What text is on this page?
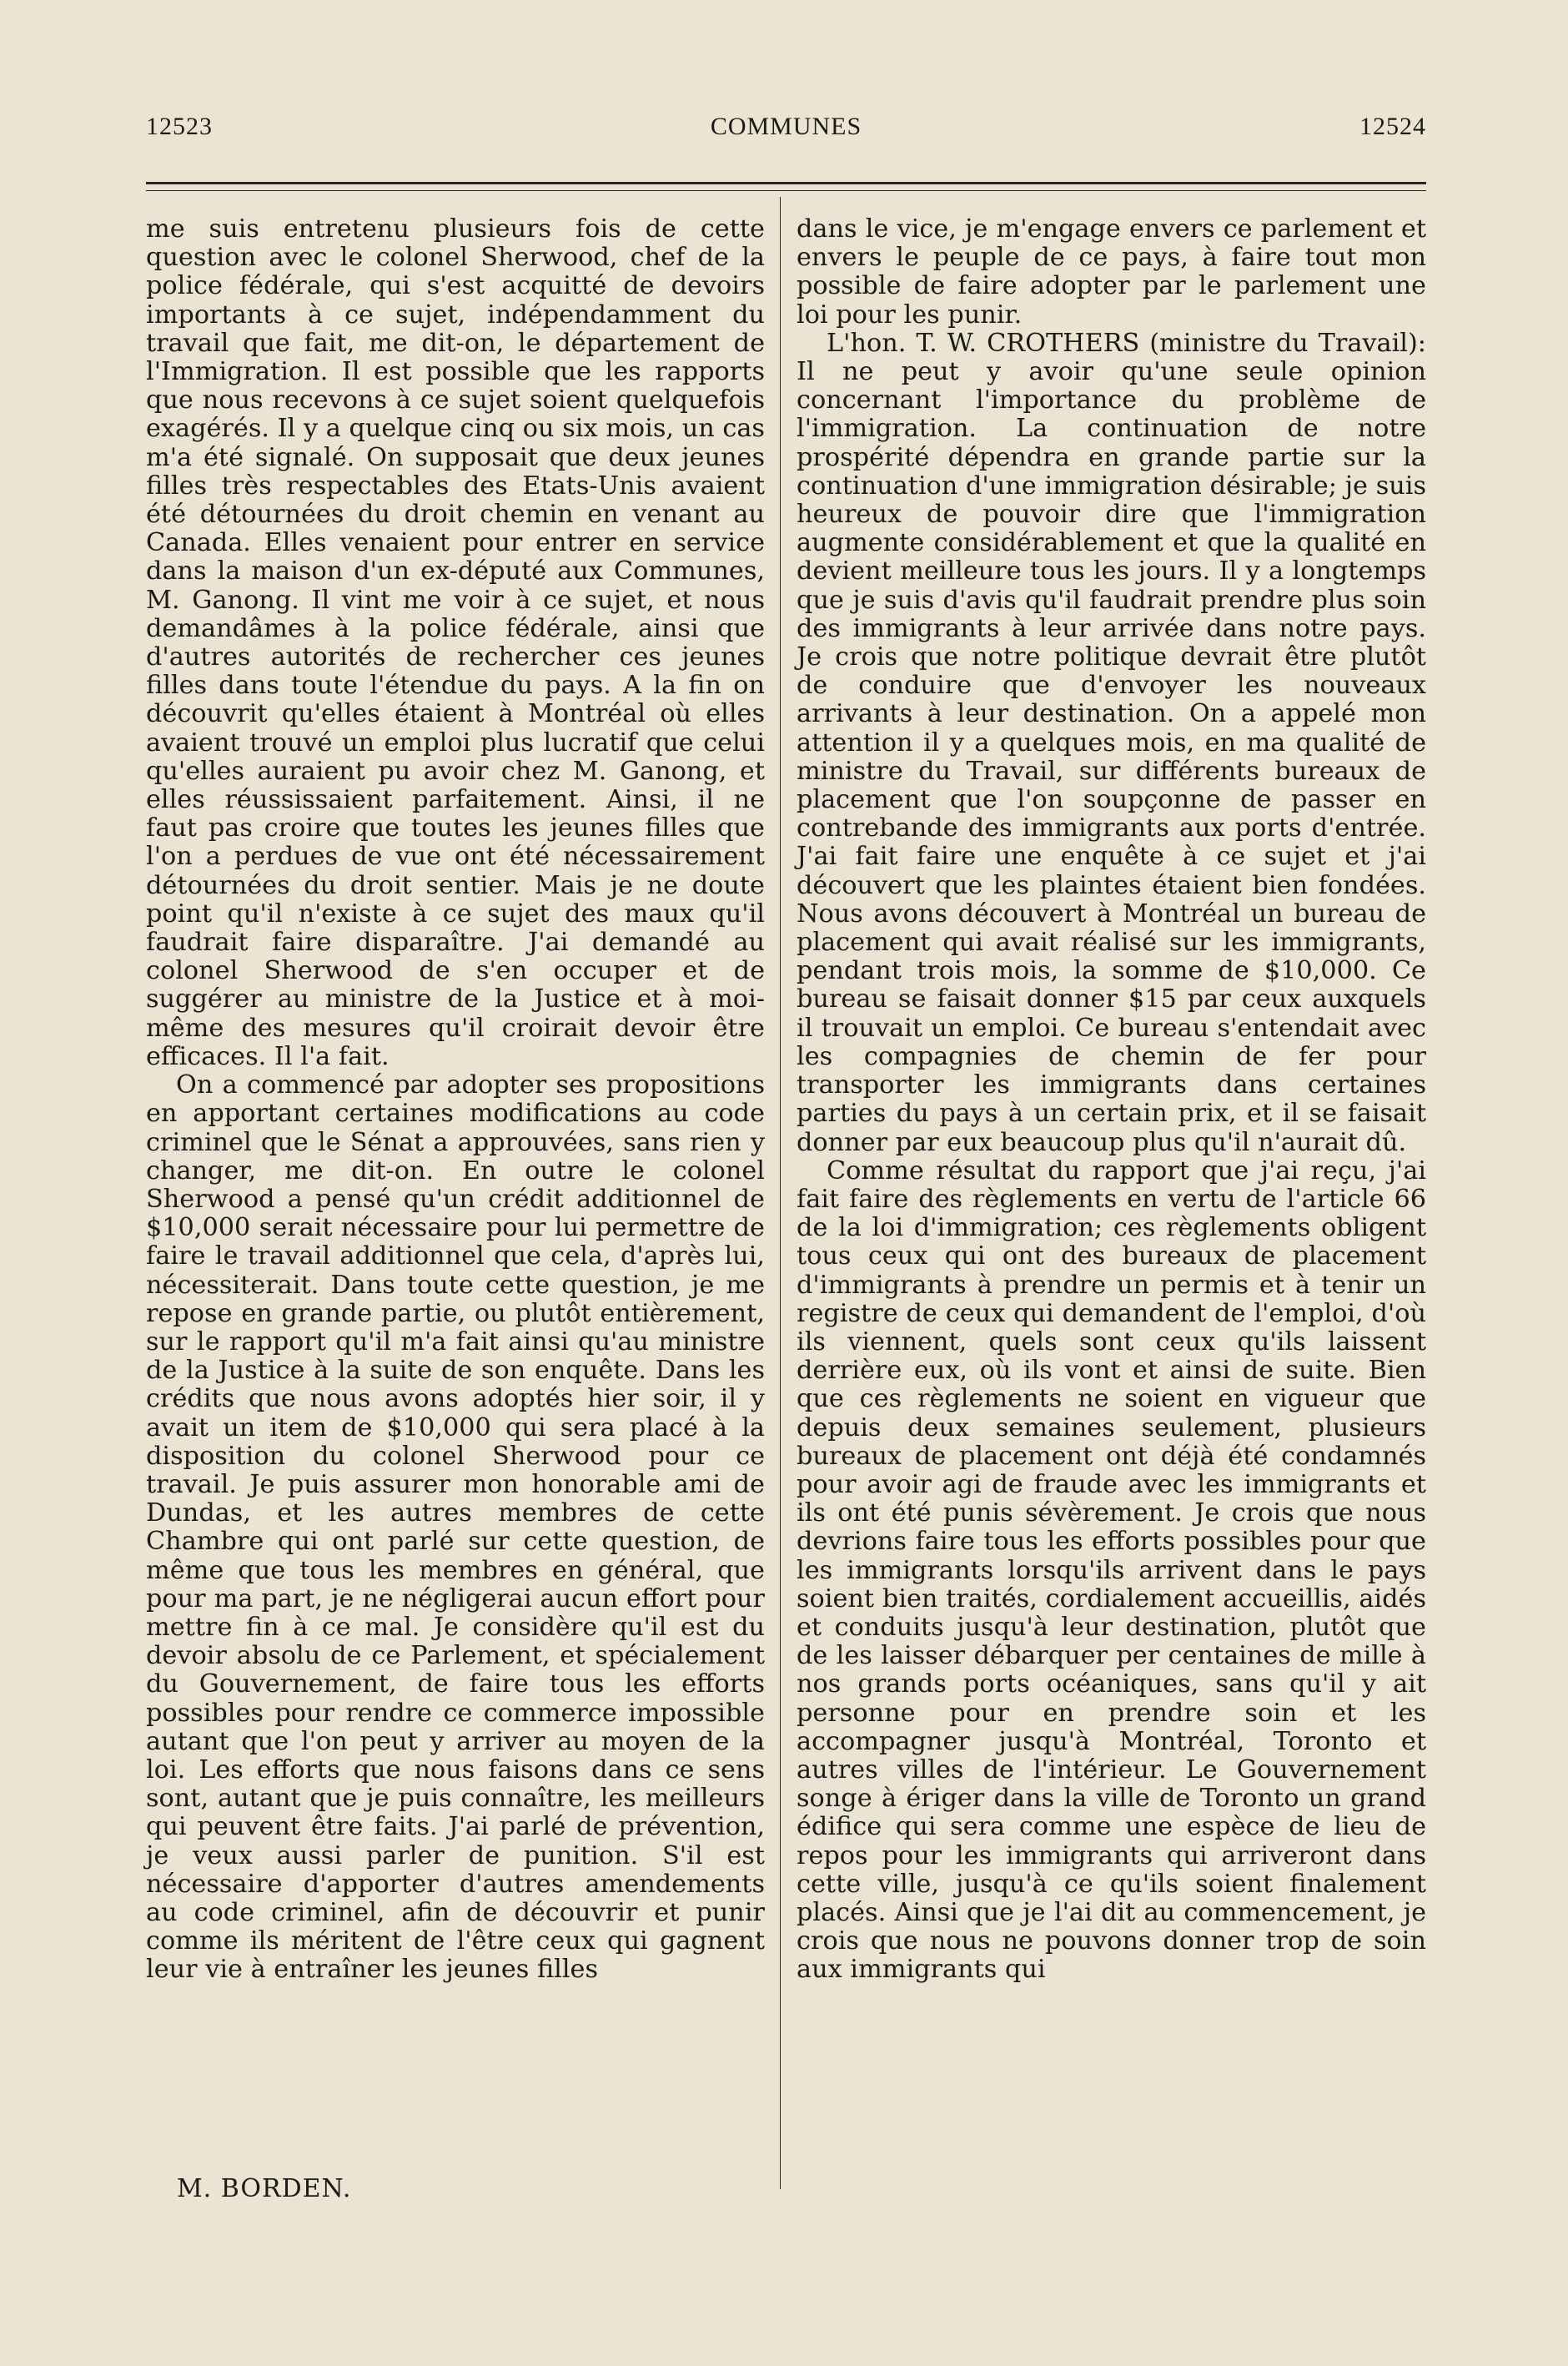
12523	COMMUNES	12524

me suis entretenu plusieurs fois de cette question avec le colonel Sherwood, chef de la police fédérale, qui s'est acquitté de devoirs importants à ce sujet, indépendamment du travail que fait, me dit-on, le département de l'Immigration. Il est possible que les rapports que nous recevons à ce sujet soient quelquefois exagérés. Il y a quelque cinq ou six mois, un cas m'a été signalé. On supposait que deux jeunes filles très respectables des Etats-Unis avaient été détournées du droit chemin en venant au Canada. Elles venaient pour entrer en service dans la maison d'un ex-député aux Communes, M. Ganong. Il vint me voir à ce sujet, et nous demandâmes à la police fédérale, ainsi que d'autres autorités de rechercher ces jeunes filles dans toute l'étendue du pays. A la fin on découvrit qu'elles étaient à Montréal où elles avaient trouvé un emploi plus lucratif que celui qu'elles auraient pu avoir chez M. Ganong, et elles réussissaient parfaitement. Ainsi, il ne faut pas croire que toutes les jeunes filles que l'on a perdues de vue ont été nécessairement détournées du droit sentier. Mais je ne doute point qu'il n'existe à ce sujet des maux qu'il faudrait faire disparaître. J'ai demandé au colonel Sherwood de s'en occuper et de suggérer au ministre de la Justice et à moi-même des mesures qu'il croirait devoir être efficaces. Il l'a fait.

On a commencé par adopter ses propositions en apportant certaines modifications au code criminel que le Sénat a approuvées, sans rien y changer, me dit-on. En outre le colonel Sherwood a pensé qu'un crédit additionnel de $10,000 serait nécessaire pour lui permettre de faire le travail additionnel que cela, d'après lui, nécessiterait. Dans toute cette question, je me repose en grande partie, ou plutôt entièrement, sur le rapport qu'il m'a fait ainsi qu'au ministre de la Justice à la suite de son enquête. Dans les crédits que nous avons adoptés hier soir, il y avait un item de $10,000 qui sera placé à la disposition du colonel Sherwood pour ce travail. Je puis assurer mon honorable ami de Dundas, et les autres membres de cette Chambre qui ont parlé sur cette question, de même que tous les membres en général, que pour ma part, je ne négligerai aucun effort pour mettre fin à ce mal. Je considère qu'il est du devoir absolu de ce Parlement, et spécialement du Gouvernement, de faire tous les efforts possibles pour rendre ce commerce impossible autant que l'on peut y arriver au moyen de la loi. Les efforts que nous faisons dans ce sens sont, autant que je puis connaître, les meilleurs qui peuvent être faits. J'ai parlé de prévention, je veux aussi parler de punition. S'il est nécessaire d'apporter d'autres amendements au code criminel, afin de découvrir et punir comme ils méritent de l'être ceux qui gagnent leur vie à entraîner les jeunes filles

M. BORDEN.

dans le vice, je m'engage envers ce parlement et envers le peuple de ce pays, à faire tout mon possible de faire adopter par le parlement une loi pour les punir.

L'hon. T. W. CROTHERS (ministre du Travail): Il ne peut y avoir qu'une seule opinion concernant l'importance du problème de l'immigration. La continuation de notre prospérité dépendra en grande partie sur la continuation d'une immigration désirable; je suis heureux de pouvoir dire que l'immigration augmente considérablement et que la qualité en devient meilleure tous les jours. Il y a longtemps que je suis d'avis qu'il faudrait prendre plus soin des immigrants à leur arrivée dans notre pays. Je crois que notre politique devrait être plutôt de conduire que d'envoyer les nouveaux arrivants à leur destination. On a appelé mon attention il y a quelques mois, en ma qualité de ministre du Travail, sur différents bureaux de placement que l'on soupçonne de passer en contrebande des immigrants aux ports d'entrée. J'ai fait faire une enquête à ce sujet et j'ai découvert que les plaintes étaient bien fondées. Nous avons découvert à Montréal un bureau de placement qui avait réalisé sur les immigrants, pendant trois mois, la somme de $10,000. Ce bureau se faisait donner $15 par ceux auxquels il trouvait un emploi. Ce bureau s'entendait avec les compagnies de chemin de fer pour transporter les immigrants dans certaines parties du pays à un certain prix, et il se faisait donner par eux beaucoup plus qu'il n'aurait dû.

Comme résultat du rapport que j'ai reçu, j'ai fait faire des règlements en vertu de l'article 66 de la loi d'immigration; ces règlements obligent tous ceux qui ont des bureaux de placement d'immigrants à prendre un permis et à tenir un registre de ceux qui demandent de l'emploi, d'où ils viennent, quels sont ceux qu'ils laissent derrière eux, où ils vont et ainsi de suite. Bien que ces règlements ne soient en vigueur que depuis deux semaines seulement, plusieurs bureaux de placement ont déjà été condamnés pour avoir agi de fraude avec les immigrants et ils ont été punis sévèrement. Je crois que nous devrions faire tous les efforts possibles pour que les immigrants lorsqu'ils arrivent dans le pays soient bien traités, cordialement accueillis, aidés et conduits jusqu'à leur destination, plutôt que de les laisser débarquer per centaines de mille à nos grands ports océaniques, sans qu'il y ait personne pour en prendre soin et les accompagner jusqu'à Montréal, Toronto et autres villes de l'intérieur. Le Gouvernement songe à ériger dans la ville de Toronto un grand édifice qui sera comme une espèce de lieu de repos pour les immigrants qui arriveront dans cette ville, jusqu'à ce qu'ils soient finalement placés. Ainsi que je l'ai dit au commencement, je crois que nous ne pouvons donner trop de soin aux immigrants qui
